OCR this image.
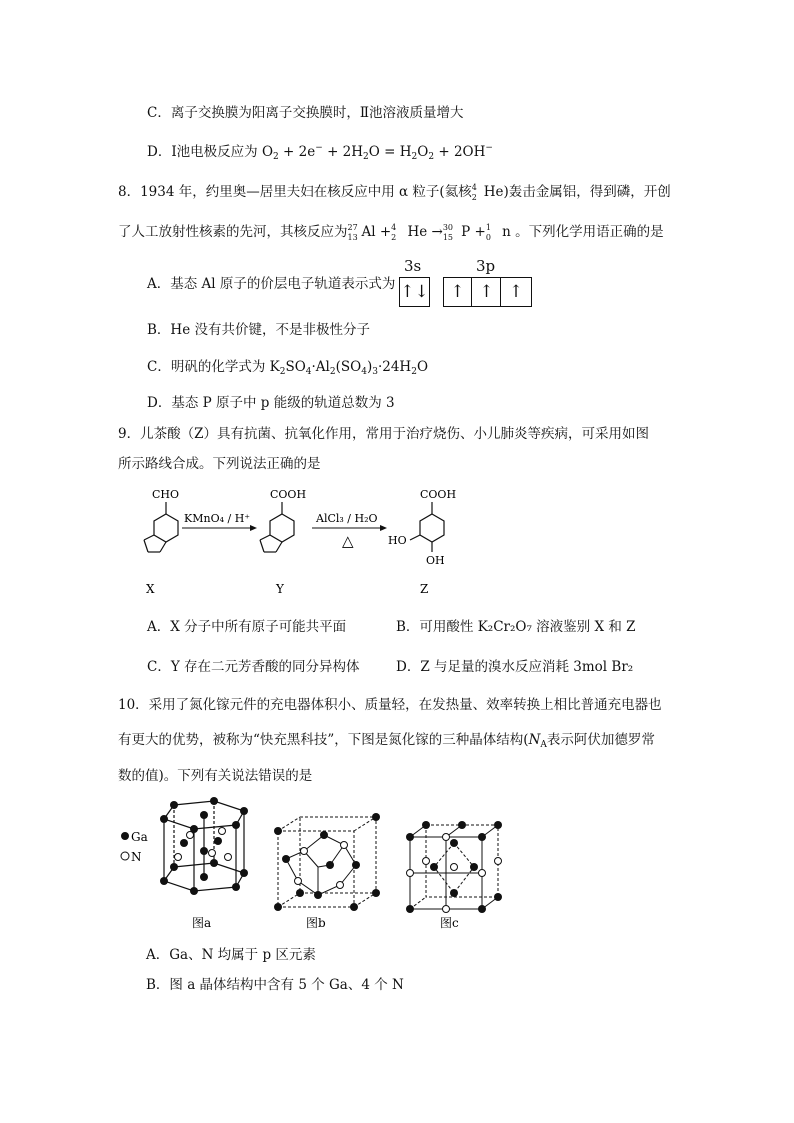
C．离子交换膜为阳离子交换膜时，Ⅱ池溶液质量增大
D．Ⅰ池电极反应为 $O_2 + 2e^- + 2H_2O = H_2O_2 + 2OH^-$
8．1934 年，约里奥—居里夫妇在核反应中用 α 粒子(氦核 4
2 He)轰击金属铝，得到磷，开创
了人工放射性核素的先河，其核反应为 27
13 Al + 4
2 He → 30
15 P + 1
0 n 。下列化学用语正确的是
A．基态 Al 原子的价层电子轨道表示式为
3s	3p
↑↓	↑ ↑ ↑
B．He 没有共价键，不是非极性分子
C．明矾的化学式为 $K_2SO_4\cdot Al_2(SO_4)_3\cdot 24H_2O$
D．基态 P 原子中 p 能级的轨道总数为 3
9．儿茶酸（Z）具有抗菌、抗氧化作用，常用于治疗烧伤、小儿肺炎等疾病，可采用如图
所示路线合成。下列说法正确的是
CHO
X
KMnO₄ / H⁺
COOH
Y
AlCl₃ / H₂O
△
COOH
HO
OH
Z
A．X 分子中所有原子可能共平面	B．可用酸性 K₂Cr₂O₇ 溶液鉴别 X 和 Z
C．Y 存在二元芳香酸的同分异构体	D．Z 与足量的溴水反应消耗 3mol Br₂
10．采用了氮化镓元件的充电器体积小、质量轻，在发热量、效率转换上相比普通充电器也
有更大的优势，被称为“快充黑科技”，下图是氮化镓的三种晶体结构($N_A$表示阿伏加德罗常
数的值)。下列有关说法错误的是
Ga
N
图a	图b	图c
A．Ga、N 均属于 p 区元素
B．图 a 晶体结构中含有 5 个 Ga、4 个 N
